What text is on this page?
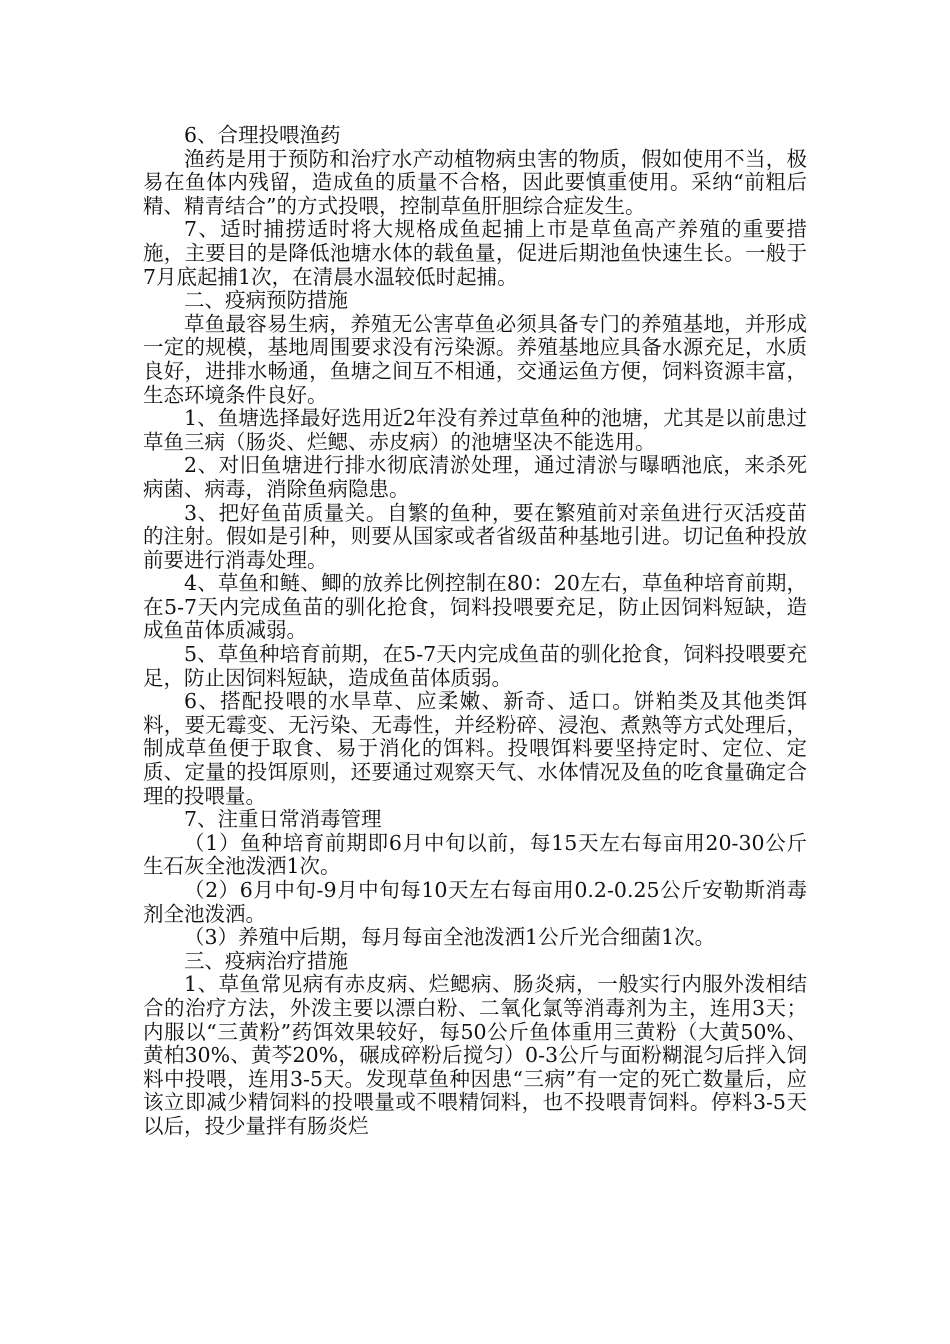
6、合理投喂渔药

渔药是用于预防和治疗水产动植物病虫害的物质，假如使用不当，极易在鱼体内残留，造成鱼的质量不合格，因此要慎重使用。采纳“前粗后精、精青结合”的方式投喂，控制草鱼肝胆综合症发生。

7、适时捕捞适时将大规格成鱼起捕上市是草鱼高产养殖的重要措施，主要目的是降低池塘水体的载鱼量，促进后期池鱼快速生长。一般于7月底起捕1次，在清晨水温较低时起捕。

二、疫病预防措施

草鱼最容易生病，养殖无公害草鱼必须具备专门的养殖基地，并形成一定的规模，基地周围要求没有污染源。养殖基地应具备水源充足，水质良好，进排水畅通，鱼塘之间互不相通，交通运鱼方便，饲料资源丰富，生态环境条件良好。

1、鱼塘选择最好选用近2年没有养过草鱼种的池塘，尤其是以前患过草鱼三病（肠炎、烂鳃、赤皮病）的池塘坚决不能选用。

2、对旧鱼塘进行排水彻底清淤处理，通过清淤与曝晒池底，来杀死病菌、病毒，消除鱼病隐患。

3、把好鱼苗质量关。自繁的鱼种，要在繁殖前对亲鱼进行灭活疫苗的注射。假如是引种，则要从国家或者省级苗种基地引进。切记鱼种投放前要进行消毒处理。

4、草鱼和鲢、鲫的放养比例控制在80：20左右，草鱼种培育前期，在5-7天内完成鱼苗的驯化抢食，饲料投喂要充足，防止因饲料短缺，造成鱼苗体质减弱。

5、草鱼种培育前期，在5-7天内完成鱼苗的驯化抢食，饲料投喂要充足，防止因饲料短缺，造成鱼苗体质弱。

6、搭配投喂的水旱草、应柔嫩、新奇、适口。饼粕类及其他类饵料，要无霉变、无污染、无毒性，并经粉碎、浸泡、煮熟等方式处理后，制成草鱼便于取食、易于消化的饵料。投喂饵料要坚持定时、定位、定质、定量的投饵原则，还要通过观察天气、水体情况及鱼的吃食量确定合理的投喂量。

7、注重日常消毒管理

（1）鱼种培育前期即6月中旬以前，每15天左右每亩用20-30公斤生石灰全池泼洒1次。

（2）6月中旬-9月中旬每10天左右每亩用0.2-0.25公斤安勒斯消毒剂全池泼洒。

（3）养殖中后期，每月每亩全池泼洒1公斤光合细菌1次。

三、疫病治疗措施

1、草鱼常见病有赤皮病、烂鳃病、肠炎病，一般实行内服外泼相结合的治疗方法，外泼主要以漂白粉、二氧化氯等消毒剂为主，连用3天；内服以“三黄粉”药饵效果较好，每50公斤鱼体重用三黄粉（大黄50%、黄柏30%、黄芩20%，碾成碎粉后搅匀）0-3公斤与面粉糊混匀后拌入饲料中投喂，连用3-5天。发现草鱼种因患“三病”有一定的死亡数量后，应该立即减少精饲料的投喂量或不喂精饲料，也不投喂青饲料。停料3-5天以后，投少量拌有肠炎烂
